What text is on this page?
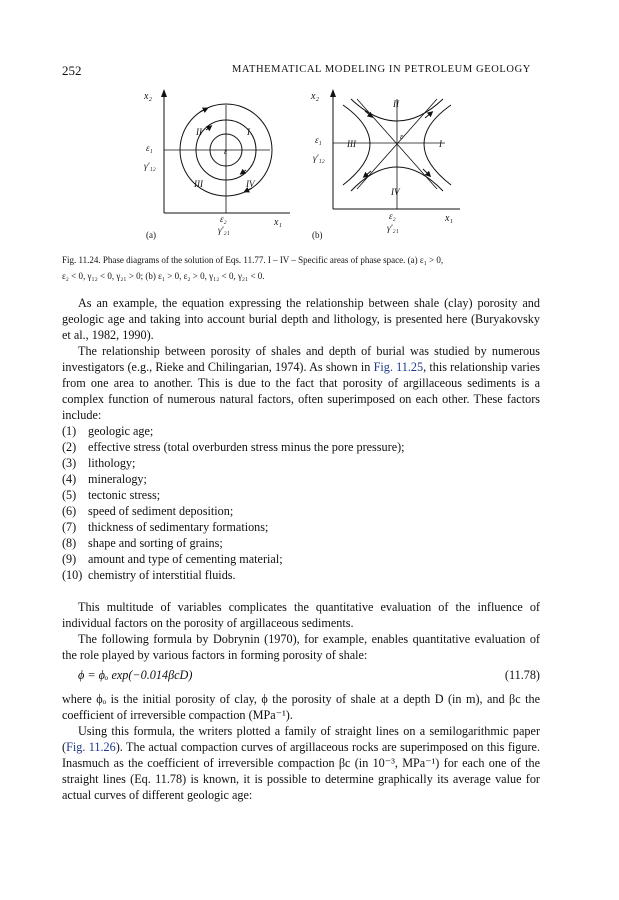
252	MATHEMATICAL MODELING IN PETROLEUM GEOLOGY
x₂
x₁
I
II
III	IV
ε
ε₁
γ'₁₂
ε₂
γ'₂₁
(a)
x₂
x₁
I
II
III
IV
ε
ε₁
γ'₁₂
ε₂
γ'₂₁
(b)
Fig. 11.24. Phase diagrams of the solution of Eqs. 11.77. I – IV – Specific areas of phase space. (a) ε₁ > 0,
ε₂ < 0, γ₁₂ < 0, γ₂₁ > 0; (b) ε₁ > 0, ε₂ > 0, γ₁₂ < 0, γ₂₁ < 0.

As an example, the equation expressing the relationship between shale (clay) porosity and geologic age and taking into account burial depth and lithology, is presented here (Buryakovsky et al., 1982, 1990).

The relationship between porosity of shales and depth of burial was studied by numerous investigators (e.g., Rieke and Chilingarian, 1974). As shown in Fig. 11.25, this relationship varies from one area to another. This is due to the fact that porosity of argillaceous sediments is a complex function of numerous natural factors, often superimposed on each other. These factors include:

(1) geologic age;
(2) effective stress (total overburden stress minus the pore pressure);
(3) lithology;
(4) mineralogy;
(5) tectonic stress;
(6) speed of sediment deposition;
(7) thickness of sedimentary formations;
(8) shape and sorting of grains;
(9) amount and type of cementing material;
(10) chemistry of interstitial fluids.

This multitude of variables complicates the quantitative evaluation of the influence of individual factors on the porosity of argillaceous sediments.

The following formula by Dobrynin (1970), for example, enables quantitative evaluation of the role played by various factors in forming porosity of shale:

ϕ = ϕₒ exp(−0.014βcD)	(11.78)

where ϕₒ is the initial porosity of clay, ϕ the porosity of shale at a depth D (in m), and βc the coefficient of irreversible compaction (MPa⁻¹).

Using this formula, the writers plotted a family of straight lines on a semilogarithmic paper (Fig. 11.26). The actual compaction curves of argillaceous rocks are superimposed on this figure. Inasmuch as the coefficient of irreversible compaction βc (in 10⁻³, MPa⁻¹) for each one of the straight lines (Eq. 11.78) is known, it is possible to determine graphically its average value for actual curves of different geologic age:
